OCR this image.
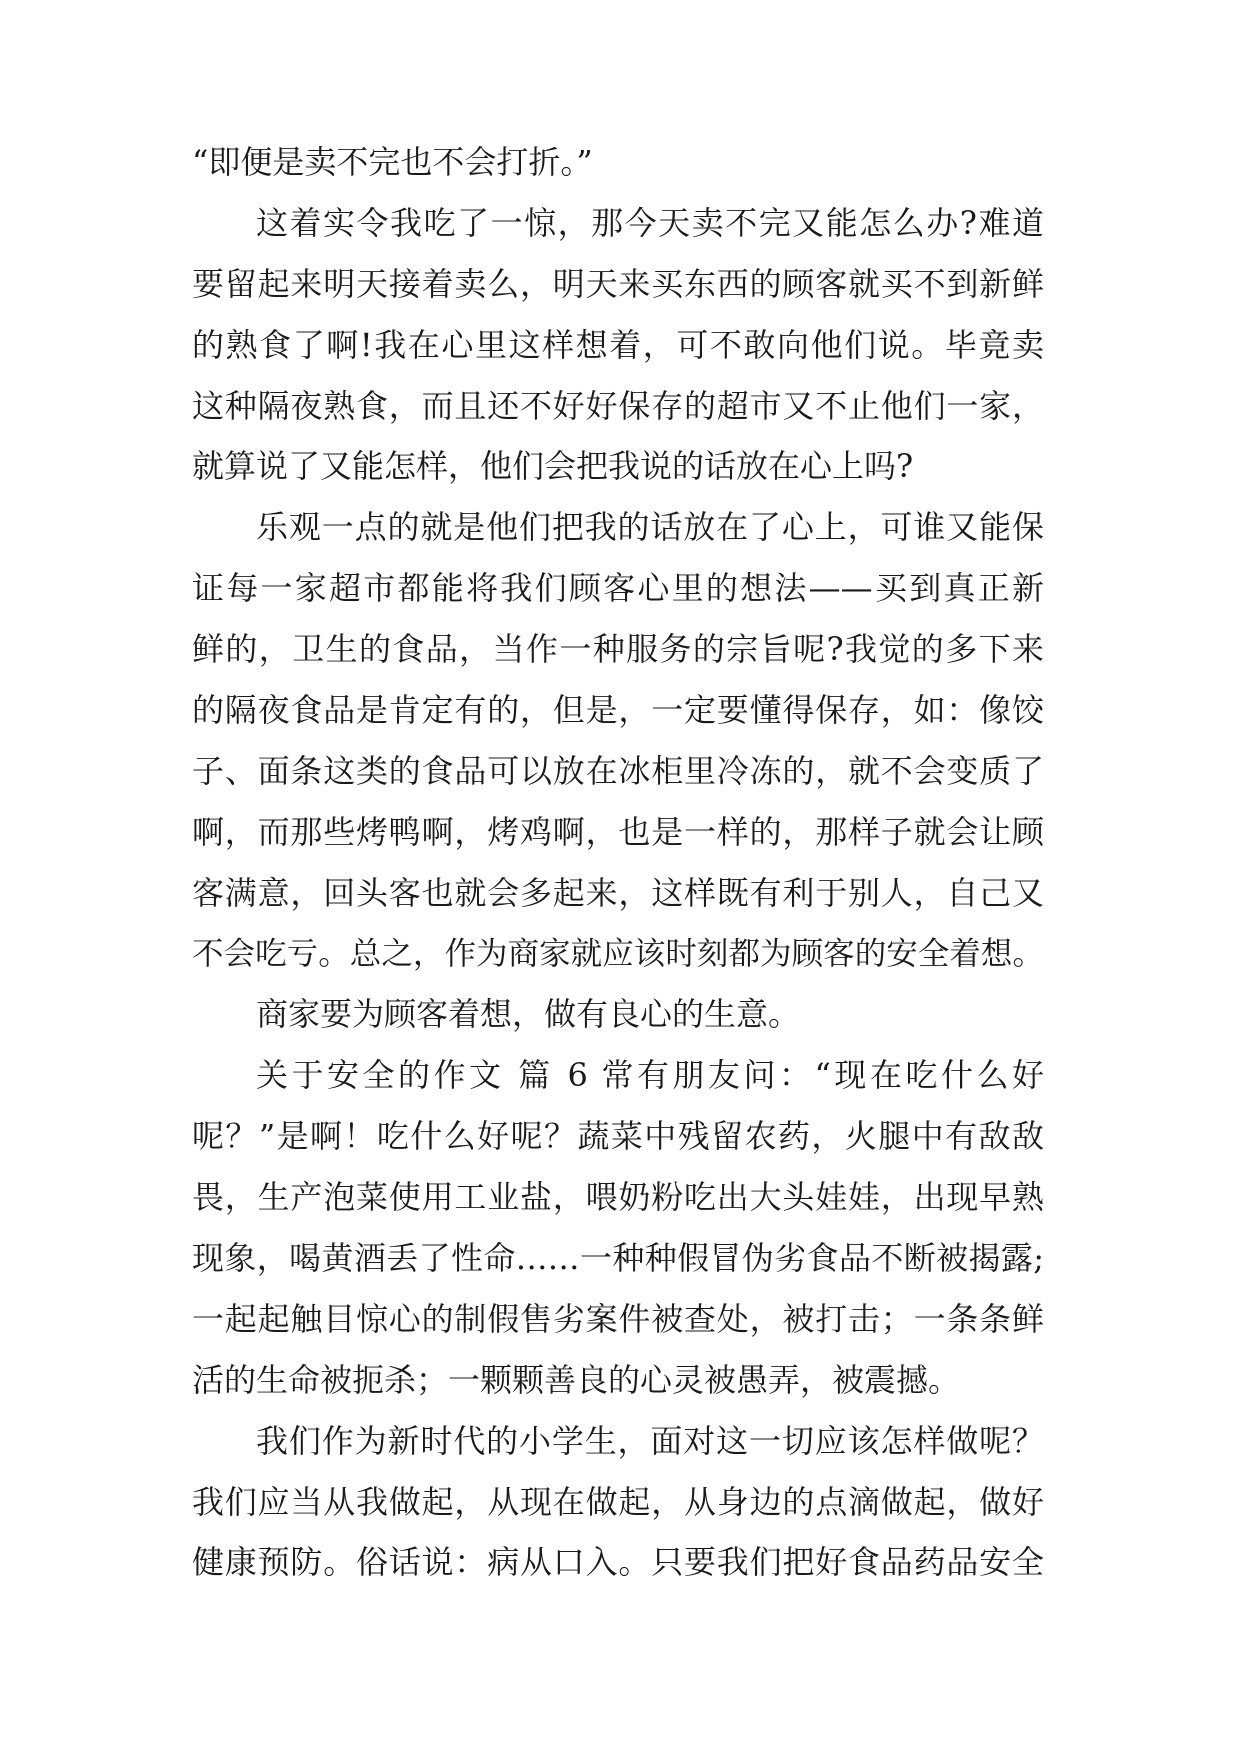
“即便是卖不完也不会打折。”
这着实令我吃了一惊，那今天卖不完又能怎么办?难道
要留起来明天接着卖么，明天来买东西的顾客就买不到新鲜
的熟食了啊!我在心里这样想着，可不敢向他们说。毕竟卖
这种隔夜熟食，而且还不好好保存的超市又不止他们一家，
就算说了又能怎样，他们会把我说的话放在心上吗?
乐观一点的就是他们把我的话放在了心上，可谁又能保
证每一家超市都能将我们顾客心里的想法——买到真正新
鲜的，卫生的食品，当作一种服务的宗旨呢?我觉的多下来
的隔夜食品是肯定有的，但是，一定要懂得保存，如：像饺
子、面条这类的食品可以放在冰柜里冷冻的，就不会变质了
啊，而那些烤鸭啊，烤鸡啊，也是一样的，那样子就会让顾
客满意，回头客也就会多起来，这样既有利于别人，自己又
不会吃亏。总之，作为商家就应该时刻都为顾客的安全着想。
商家要为顾客着想，做有良心的生意。
关于安全的作文 篇 6 常有朋友问：“现在吃什么好
呢？”是啊！吃什么好呢？蔬菜中残留农药，火腿中有敌敌
畏，生产泡菜使用工业盐，喂奶粉吃出大头娃娃，出现早熟
现象，喝黄酒丢了性命……一种种假冒伪劣食品不断被揭露;
一起起触目惊心的制假售劣案件被查处，被打击；一条条鲜
活的生命被扼杀；一颗颗善良的心灵被愚弄，被震撼。
我们作为新时代的小学生，面对这一切应该怎样做呢？
我们应当从我做起，从现在做起，从身边的点滴做起，做好
健康预防。俗话说：病从口入。只要我们把好食品药品安全
